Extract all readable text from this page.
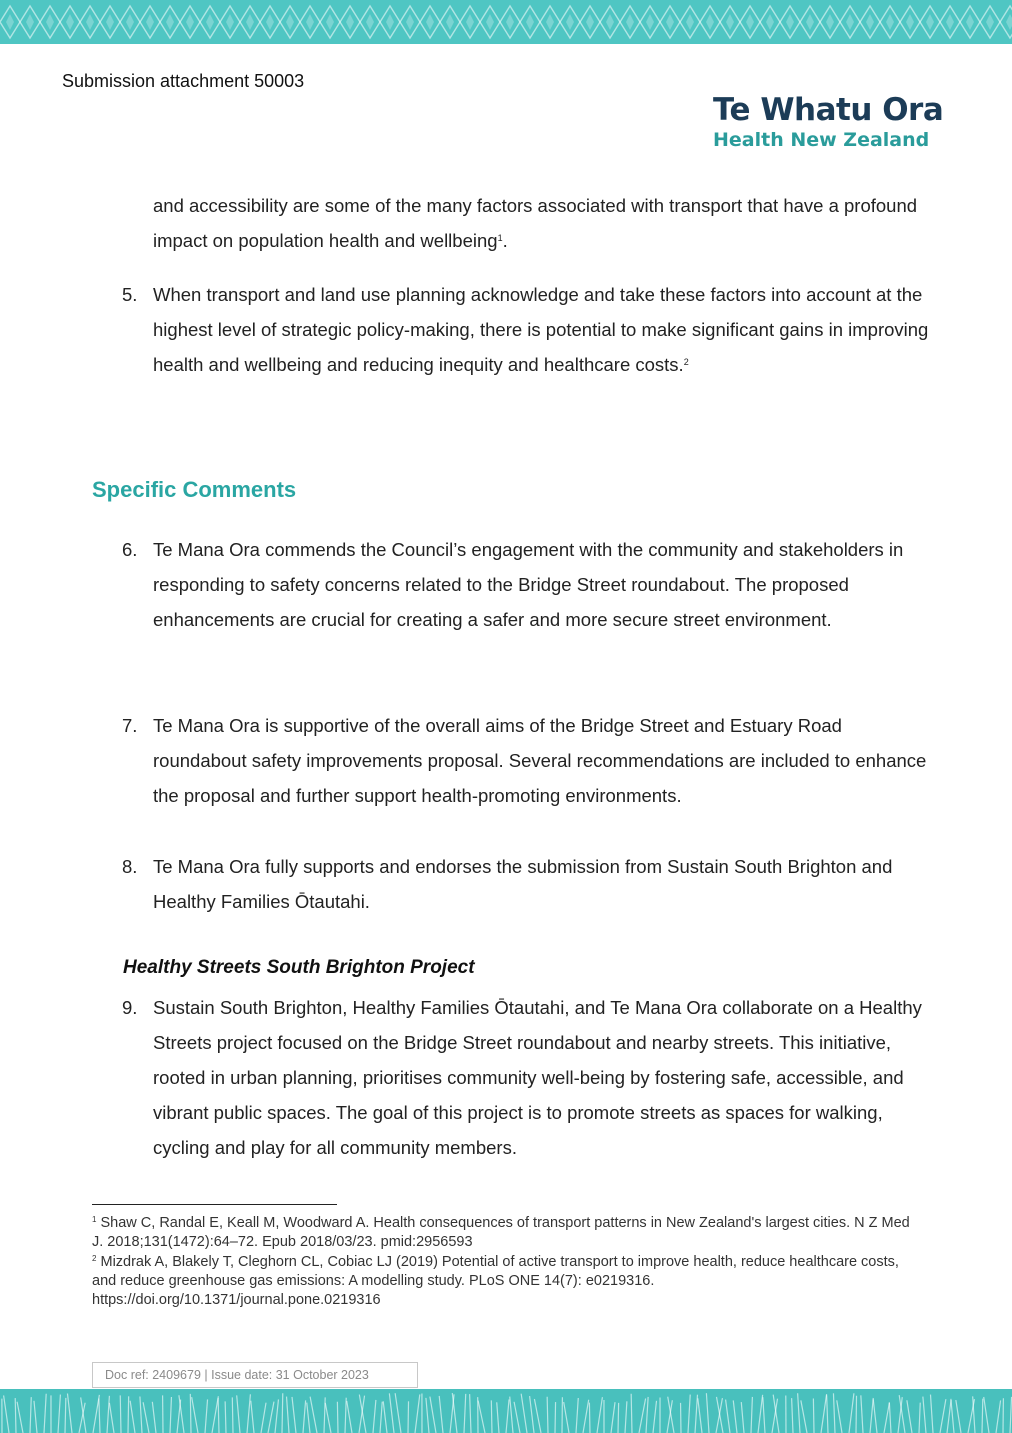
Submission attachment 50003
Te Whatu Ora
Health New Zealand
and accessibility are some of the many factors associated with transport that have a profound impact on population health and wellbeing$^1$.
5. When transport and land use planning acknowledge and take these factors into account at the highest level of strategic policy-making, there is potential to make significant gains in improving health and wellbeing and reducing inequity and healthcare costs.$^2$
Specific Comments
6. Te Mana Ora commends the Council’s engagement with the community and stakeholders in responding to safety concerns related to the Bridge Street roundabout. The proposed enhancements are crucial for creating a safer and more secure street environment.
7. Te Mana Ora is supportive of the overall aims of the Bridge Street and Estuary Road roundabout safety improvements proposal. Several recommendations are included to enhance the proposal and further support health-promoting environments.
8. Te Mana Ora fully supports and endorses the submission from Sustain South Brighton and Healthy Families Ōtautahi.
Healthy Streets South Brighton Project
9. Sustain South Brighton, Healthy Families Ōtautahi, and Te Mana Ora collaborate on a Healthy Streets project focused on the Bridge Street roundabout and nearby streets. This initiative, rooted in urban planning, prioritises community well-being by fostering safe, accessible, and vibrant public spaces. The goal of this project is to promote streets as spaces for walking, cycling and play for all community members.
$^1$ Shaw C, Randal E, Keall M, Woodward A. Health consequences of transport patterns in New Zealand's largest cities. N Z Med J. 2018;131(1472):64–72. Epub 2018/03/23. pmid:2956593
$^2$ Mizdrak A, Blakely T, Cleghorn CL, Cobiac LJ (2019) Potential of active transport to improve health, reduce healthcare costs, and reduce greenhouse gas emissions: A modelling study. PLoS ONE 14(7): e0219316. https://doi.org/10.1371/journal.pone.0219316
Doc ref: 2409679 | Issue date: 31 October 2023
